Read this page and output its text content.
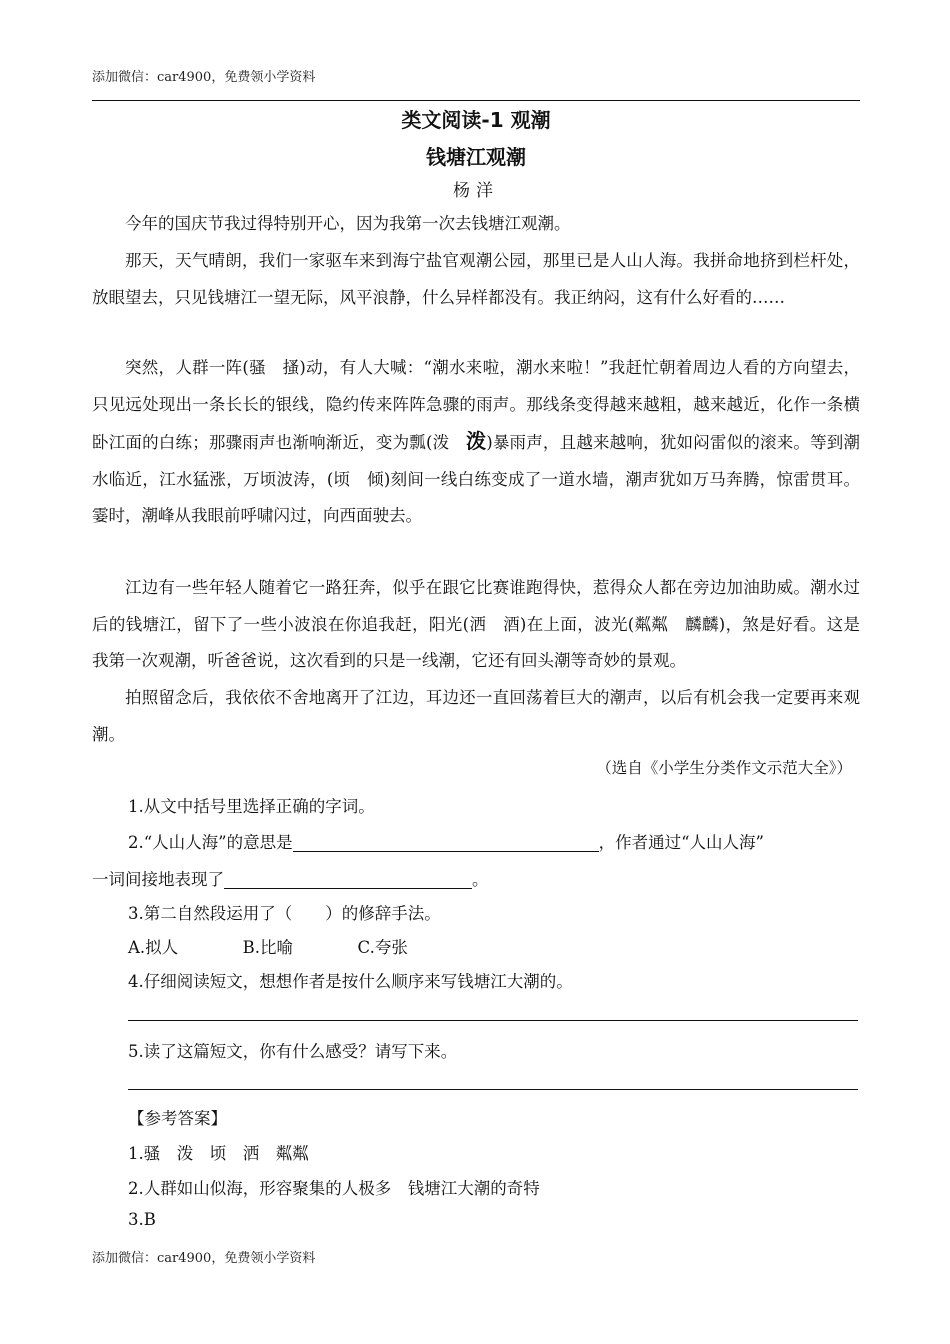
添加微信：car4900，免费领小学资料
类文阅读-1 观潮
钱塘江观潮
杨洋

今年的国庆节我过得特别开心，因为我第一次去钱塘江观潮。

那天，天气晴朗，我们一家驱车来到海宁盐官观潮公园，那里已是人山人海。我拼命地挤到栏杆处，放眼望去，只见钱塘江一望无际，风平浪静，什么异样都没有。我正纳闷，这有什么好看的……

突然，人群一阵(骚　搔)动，有人大喊：“潮水来啦，潮水来啦！”我赶忙朝着周边人看的方向望去，只见远处现出一条长长的银线，隐约传来阵阵急骤的雨声。那线条变得越来越粗，越来越近，化作一条横卧江面的白练；那骤雨声也渐响渐近，变为瓢(泼　泼)暴雨声，且越来越响，犹如闷雷似的滚来。等到潮水临近，江水猛涨，万顷波涛，(顷　倾)刻间一线白练变成了一道水墙，潮声犹如万马奔腾，惊雷贯耳。霎时，潮峰从我眼前呼啸闪过，向西面驶去。

江边有一些年轻人随着它一路狂奔，似乎在跟它比赛谁跑得快，惹得众人都在旁边加油助威。潮水过后的钱塘江，留下了一些小波浪在你追我赶，阳光(洒　酒)在上面，波光(粼粼　麟麟)，煞是好看。这是我第一次观潮，听爸爸说，这次看到的只是一线潮，它还有回头潮等奇妙的景观。

拍照留念后，我依依不舍地离开了江边，耳边还一直回荡着巨大的潮声，以后有机会我一定要再来观潮。

（选自《小学生分类作文示范大全》）
1.从文中括号里选择正确的字词。
2.“人山人海”的意思是	，作者通过“人山人海”
一词间接地表现了	。
3.第二自然段运用了（　　）的修辞手法。
A.拟人	B.比喻	C.夸张
4.仔细阅读短文，想想作者是按什么顺序来写钱塘江大潮的。
5.读了这篇短文，你有什么感受？请写下来。
【参考答案】
1.骚　泼　顷　洒　粼粼
2.人群如山似海，形容聚集的人极多　钱塘江大潮的奇特
3.B
添加微信：car4900，免费领小学资料
